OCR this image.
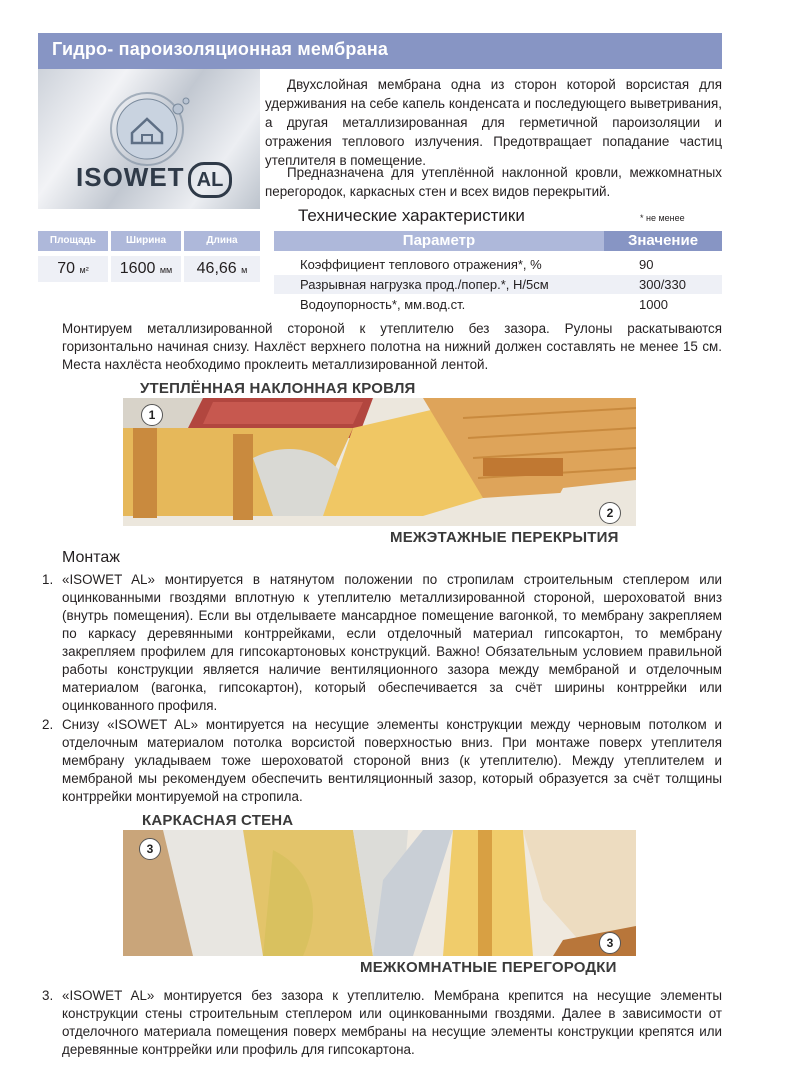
Гидро- пароизоляционная мембрана
ISOWET AL

Двухслойная мембрана одна из сторон которой ворсистая для удерживания на себе капель конденсата и последующего выветривания, а другая металлизированная для герметичной пароизоляции и отражения теплового излучения. Предотвращает попадание частиц утеплителя в помещение.

Предназначена для утеплённой наклонной кровли, межкомнатных перегородок, каркасных стен и всех видов перекрытий.

Площадь	Ширина	Длина
70 м²	1600 мм	46,66 м
Технические характеристики	* не менее
Параметр	Значение
Коэффициент теплового отражения*, %	90
Разрывная нагрузка прод./попер.*, Н/5см	300/330
Водоупорность*, мм.вод.ст.	1000

Монтируем металлизированной стороной к утеплителю без зазора. Рулоны раскатываются горизонтально начиная снизу. Нахлёст верхнего полотна на нижний должен составлять не менее 15 см. Места нахлёста необходимо проклеить металлизированной лентой.

УТЕПЛЁННАЯ НАКЛОННАЯ КРОВЛЯ
1
2
МЕЖЭТАЖНЫЕ ПЕРЕКРЫТИЯ
Монтаж
1. «ISOWET AL» монтируется в натянутом положении по стропилам строительным степлером или оцинкованными гвоздями вплотную к утеплителю металлизированной стороной, шероховатой вниз (внутрь помещения). Если вы отделываете мансардное помещение вагонкой, то мембрану закрепляем по каркасу деревянными контррейками, если отделочный материал гипсокартон, то мембрану закрепляем профилем для гипсокартоновых конструкций. Важно! Обязательным условием правильной работы конструкции является наличие вентиляционного зазора между мембраной и отделочным материалом (вагонка, гипсокартон), который обеспечивается за счёт ширины контррейки или оцинкованного профиля.

2. Снизу «ISOWET AL» монтируется на несущие элементы конструкции между черновым потолком и отделочным материалом потолка ворсистой поверхностью вниз. При монтаже поверх утеплителя мембрану укладываем тоже шероховатой стороной вниз (к утеплителю). Между утеплителем и мембраной мы рекомендуем обеспечить вентиляционный зазор, который образуется за счёт толщины контррейки монтируемой на стропила.

КАРКАСНАЯ СТЕНА
3
3
МЕЖКОМНАТНЫЕ ПЕРЕГОРОДКИ
3. «ISOWET AL» монтируется без зазора к утеплителю. Мембрана крепится на несущие элементы конструкции стены строительным степлером или оцинкованными гвоздями. Далее в зависимости от отделочного материала помещения поверх мембраны на несущие элементы конструкции крепятся или деревянные контррейки или профиль для гипсокартона.
